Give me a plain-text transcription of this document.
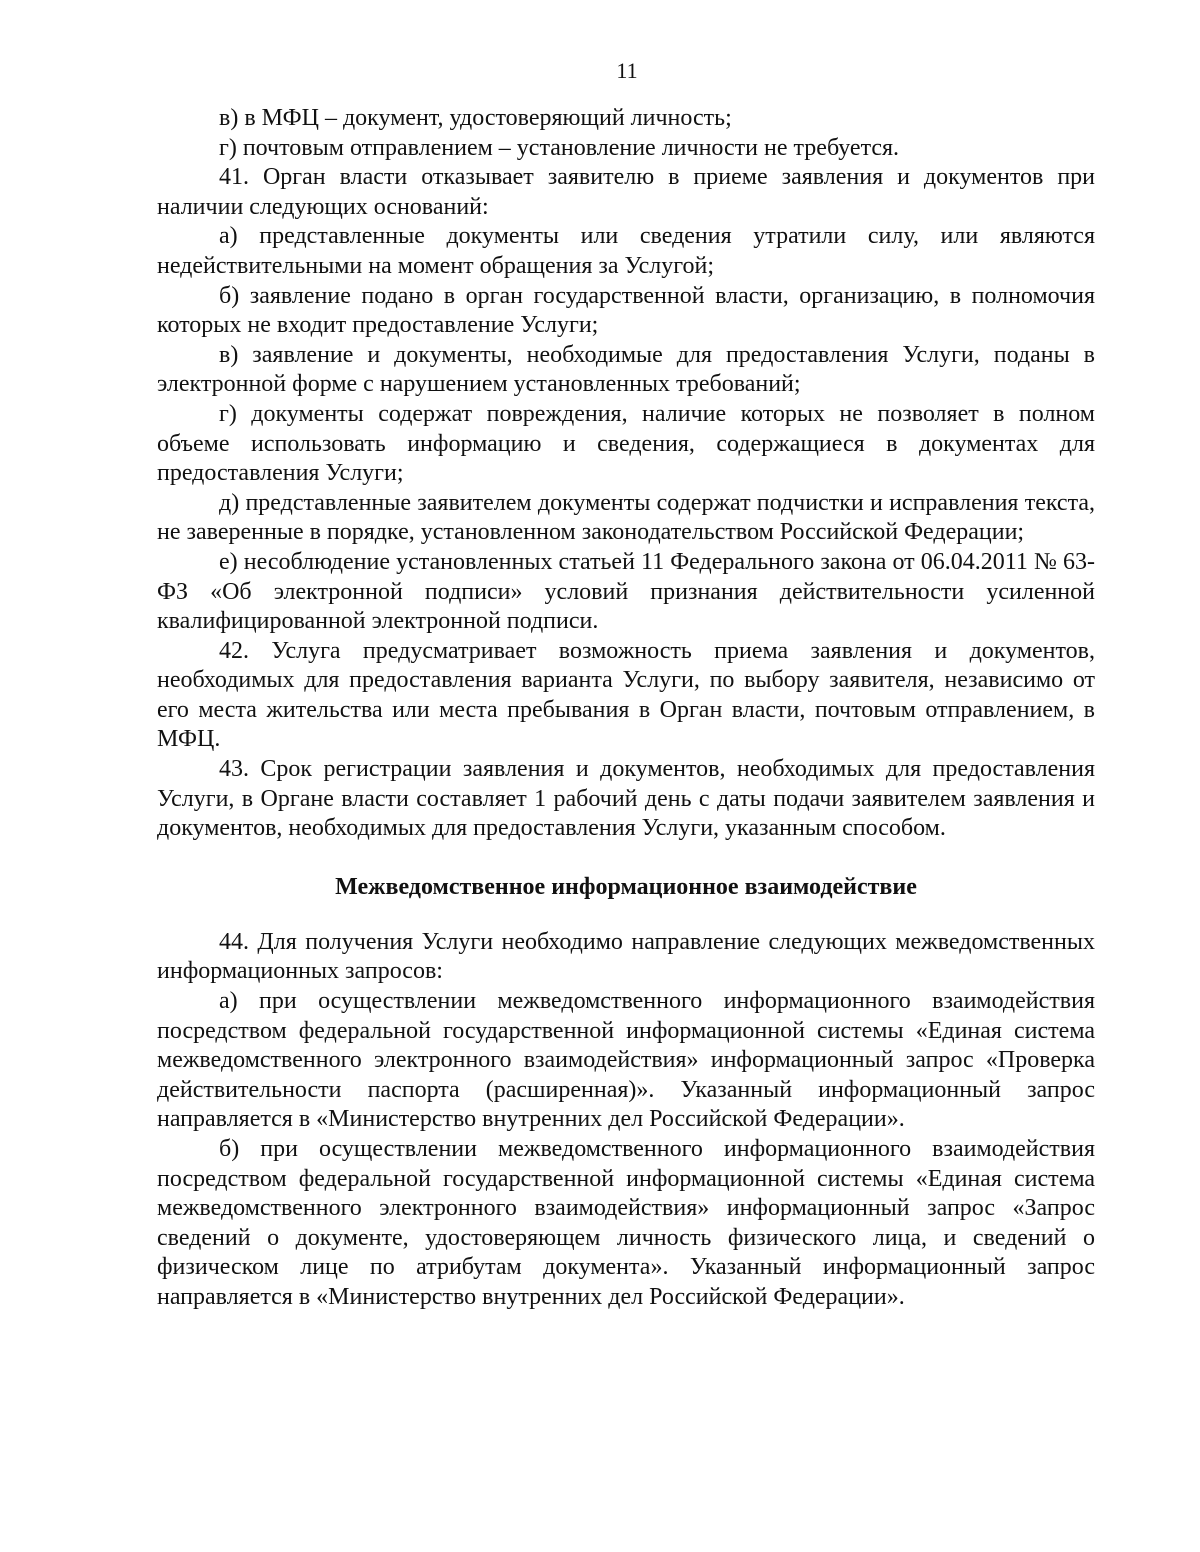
11

в) в МФЦ – документ, удостоверяющий личность;

г) почтовым отправлением – установление личности не требуется.

41. Орган власти отказывает заявителю в приеме заявления и документов при наличии следующих оснований:

а) представленные документы или сведения утратили силу, или являются недействительными на момент обращения за Услугой;

б) заявление подано в орган государственной власти, организацию, в полномочия которых не входит предоставление Услуги;

в) заявление и документы, необходимые для предоставления Услуги, поданы в электронной форме с нарушением установленных требований;

г) документы содержат повреждения, наличие которых не позволяет в полном объеме использовать информацию и сведения, содержащиеся в документах для предоставления Услуги;

д) представленные заявителем документы содержат подчистки и исправления текста, не заверенные в порядке, установленном законодательством Российской Федерации;

е) несоблюдение установленных статьей 11 Федерального закона от 06.04.2011 № 63-ФЗ «Об электронной подписи» условий признания действительности усиленной квалифицированной электронной подписи.

42. Услуга предусматривает возможность приема заявления и документов, необходимых для предоставления варианта Услуги, по выбору заявителя, независимо от его места жительства или места пребывания в Орган власти, почтовым отправлением, в МФЦ.

43. Срок регистрации заявления и документов, необходимых для предоставления Услуги, в Органе власти составляет 1 рабочий день с даты подачи заявителем заявления и документов, необходимых для предоставления Услуги, указанным способом.

Межведомственное информационное взаимодействие

44. Для получения Услуги необходимо направление следующих межведомственных информационных запросов:

а) при осуществлении межведомственного информационного взаимодействия посредством федеральной государственной информационной системы «Единая система межведомственного электронного взаимодействия» информационный запрос «Проверка действительности паспорта (расширенная)». Указанный информационный запрос направляется в «Министерство внутренних дел Российской Федерации».

б) при осуществлении межведомственного информационного взаимодействия посредством федеральной государственной информационной системы «Единая система межведомственного электронного взаимодействия» информационный запрос «Запрос сведений о документе, удостоверяющем личность физического лица, и сведений о физическом лице по атрибутам документа». Указанный информационный запрос направляется в «Министерство внутренних дел Российской Федерации».
